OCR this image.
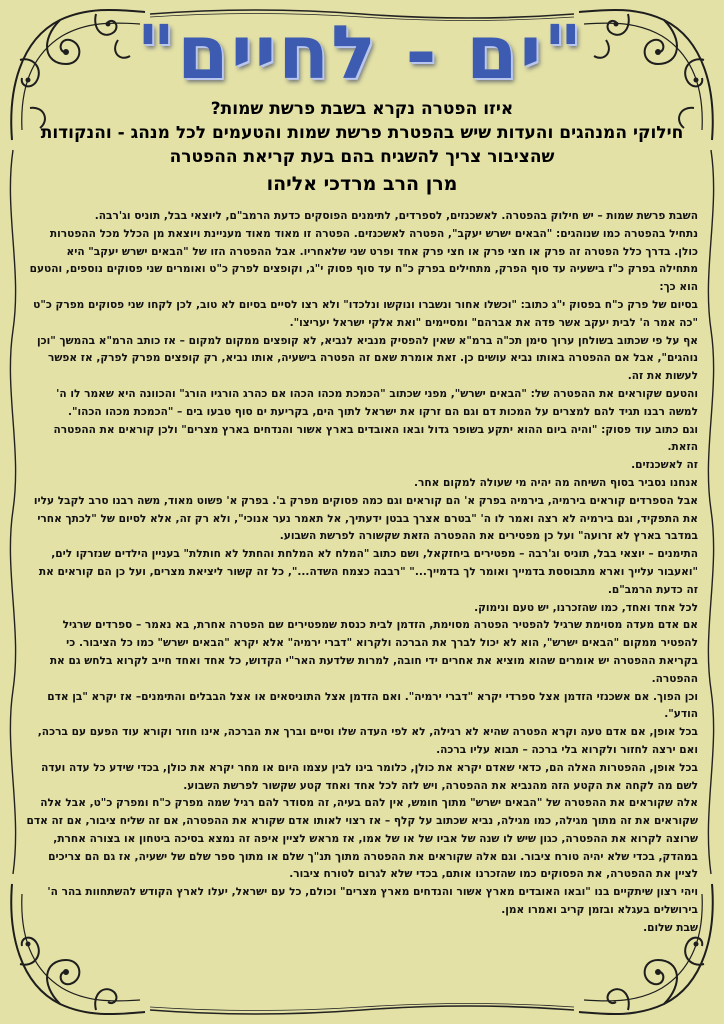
"ים - לחיים"
איזו הפטרה נקרא בשבת פרשת שמות?
חילוקי המנהגים והעדות שיש בהפטרת פרשת שמות והטעמים לכל מנהג - והנקודות
שהציבור צריך להשגיח בהם בעת קריאת ההפטרה
מרן הרב מרדכי אליהו

השבת פרשת שמות – יש חילוק בהפטרה. לאשכנזים, לספרדים, לתימנים הפוסקים כדעת הרמב"ם, ליוצאי בבל, תוניס וג'רבה.

נתחיל בהפטרה כמו שנוהגים: "הבאים ישרש יעקב", הפטרה לאשכנזים. הפטרה זו מאוד מאוד מעניינת ויוצאת מן הכלל מכל ההפטרות כולן. בדרך כלל הפטרה זה פרק או חצי פרק או חצי פרק אחד ופרט שני שלאחריו. אבל ההפטרה הזו של "הבאים ישרש יעקב" היא מתחילה בפרק כ"ז בישעיה עד סוף הפרק, מתחילים בפרק כ"ח עד סוף פסוק י"ג, וקופצים לפרק כ"ט ואומרים שני פסוקים נוספים, והטעם הוא כך:

בסיום של פרק כ"ח בפסוק י"ג כתוב: "וכשלו אחור ונשברו ונוקשו ונלכדו" ולא רצו לסיים בסיום לא טוב, לכן לקחו שני פסוקים מפרק כ"ט "כה אמר ה' לבית יעקב אשר פדה את אברהם" ומסיימים "ואת אלקי ישראל יעריצו".

אף על פי שכתוב בשולחן ערוך סימן תכ"ה ברמ"א שאין להפסיק מנביא לנביא, לא קופצים ממקום למקום – אז כותב הרמ"א בהמשך "וכן נוהגים", אבל אם ההפטרה באותו נביא עושים כן. זאת אומרת שאם זה הפטרה בישעיה, אותו נביא, רק קופצים מפרק לפרק, אז אפשר לעשות את זה.

והטעם שקוראים את ההפטרה של: "הבאים ישרש", מפני שכתוב "הכמכת מכהו הכהו אם כהרג הורגיו הורג" והכוונה היא שאמר לו ה' למשה רבנו תגיד להם למצרים על המכות דם וגם הם זרקו את ישראל לתוך הים, בקריעת ים סוף טבעו בים – "הכמכת מכהו הכהו".

וגם כתוב עוד פסוק: "והיה ביום ההוא יתקע בשופר גדול ובאו האובדים בארץ אשור והנדחים בארץ מצרים" ולכן קוראים את ההפטרה הזאת.

זה לאשכנזים.

אנחנו נסביר בסוף השיחה מה יהיה מי שעולה למקום אחר.

אבל הספרדים קוראים בירמיה, בירמיה בפרק א' הם קוראים וגם כמה פסוקים מפרק ב'. בפרק א' פשוט מאוד, משה רבנו סרב לקבל עליו את התפקיד, וגם בירמיה לא רצה ואמר לו ה' "בטרם אצרך בבטן ידעתיך, אל תאמר נער אנוכי", ולא רק זה, אלא לסיום של "לכתך אחרי במדבר בארץ לא זרועה" ועל כן מפטירים את ההפטרה הזאת שקשורה לפרשת השבוע.

התימנים – יוצאי בבל, תוניס וג'רבה – מפטירים ביחזקאל, ושם כתוב "המלח לא המלחת והחתל לא חותלת" בעניין הילדים שנזרקו לים, "ואעבור עלייך וארא מתבוססת בדמייך ואומר לך בדמייך..." "רבבה כצמח השדה...", כל זה קשור ליציאת מצרים, ועל כן הם קוראים את זה כדעת הרמב"ם.

לכל אחד ואחד, כמו שהזכרנו, יש טעם ונימוק.

אם אדם מעדה מסוימת שרגיל להפטיר הפטרה מסוימת, הזדמן לבית כנסת שמפטירים שם הפטרה אחרת, בא נאמר – ספרדים שרגיל להפטיר ממקום "הבאים ישרש", הוא לא יכול לברך את הברכה ולקרוא "דברי ירמיה" אלא יקרא "הבאים ישרש" כמו כל הציבור. כי בקריאת ההפטרה יש אומרים שהוא מוציא את אחרים ידי חובה, למרות שלדעת האר"י הקדוש, כל אחד ואחד חייב לקרוא בלחש גם את ההפטרה.

וכן הפוך. אם אשכנזי הזדמן אצל ספרדי יקרא "דברי ירמיה". ואם הזדמן אצל התוניסאים או אצל הבבלים והתימנים– אז יקרא "בן אדם הודע".

בכל אופן, אם אדם טעה וקרא הפטרה שהיא לא רגילה, לא לפי העדה שלו וסיים וברך את הברכה, אינו חוזר וקורא עוד הפעם עם ברכה, ואם ירצה לחזור ולקרוא בלי ברכה – תבוא עליו ברכה.

בכל אופן, ההפטרות האלה הם, כדאי שאדם יקרא את כולן, כלומר בינו לבין עצמו היום או מחר יקרא את כולן, בכדי שידע כל עדה ועדה לשם מה לקחה את הקטע הזה מהנביא את ההפטרה, ויש לזה לכל אחד ואחד קטע שקשור לפרשת השבוע.

אלה שקוראים את ההפטרה של "הבאים ישרש" מתוך חומש, אין להם בעיה, זה מסודר להם רגיל שמה מפרק כ"ח ומפרק כ"ט, אבל אלה שקוראים את זה מתוך מגילה, כמו מגילה, נביא שכתוב על קלף – אז רצוי לאותו אדם שקורא את ההפטרה, אם זה שליח ציבור, אם זה אדם שרוצה לקרוא את ההפטרה, כגון שיש לו שנה של אביו של או של אמו, אז מראש לציין איפה זה נמצא בסיכה ביטחון או בצורה אחרת, במהדק, בכדי שלא יהיה טורח ציבור. וגם אלה שקוראים את ההפטרה מתוך תנ"ך שלם או מתוך ספר שלם של ישעיה, אז גם הם צריכים לציין את ההפטרה, את הפסוקים כמו שהזכרנו אותם, בכדי שלא לגרום לטורח ציבור.

ויהי רצון שיתקיים בנו "ובאו האובדים מארץ אשור והנדחים מארץ מצרים" וכולם, כל עם ישראל, יעלו לארץ הקודש להשתחוות בהר ה' בירושלים בעגלא ובזמן קריב ואמרו אמן.

שבת שלום.
